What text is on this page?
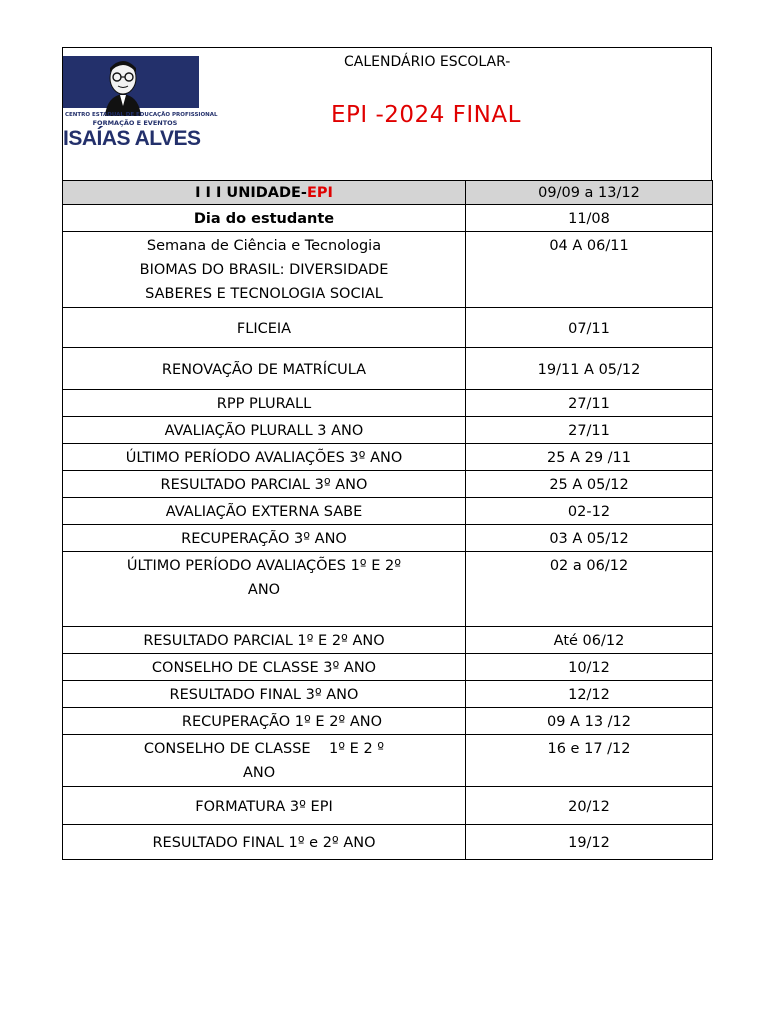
CENTRO ESTADUAL DE EDUCAÇÃO PROFISSIONAL
FORMAÇÃO E EVENTOS
ISAÍAS ALVES
CALENDÁRIO ESCOLAR-
EPI -2024 FINAL
I I I UNIDADE-EPI	09/09 a 13/12
Dia do estudante	11/08

Semana de Ciência e Tecnologia
BIOMAS DO BRASIL: DIVERSIDADE
SABERES E TECNOLOGIA SOCIAL	04 A 06/11
FLICEIA	07/11
RENOVAÇÃO DE MATRÍCULA	19/11 A 05/12
RPP PLURALL	27/11
AVALIAÇÃO PLURALL 3 ANO	27/11
ÚLTIMO PERÍODO AVALIAÇÕES 3º ANO	25 A 29 /11
RESULTADO PARCIAL 3º ANO	25 A 05/12
AVALIAÇÃO EXTERNA SABE	02-12
RECUPERAÇÃO 3º ANO	03 A 05/12

ÚLTIMO PERÍODO AVALIAÇÕES 1º E 2º
ANO	02 a 06/12
RESULTADO PARCIAL 1º E 2º ANO	Até 06/12
CONSELHO DE CLASSE 3º ANO	10/12
RESULTADO FINAL 3º ANO	12/12
RECUPERAÇÃO 1º E 2º ANO	09 A 13 /12

CONSELHO DE CLASSE    1º E 2 º
ANO	16 e 17 /12
FORMATURA 3º EPI	20/12
RESULTADO FINAL 1º e 2º ANO	19/12
